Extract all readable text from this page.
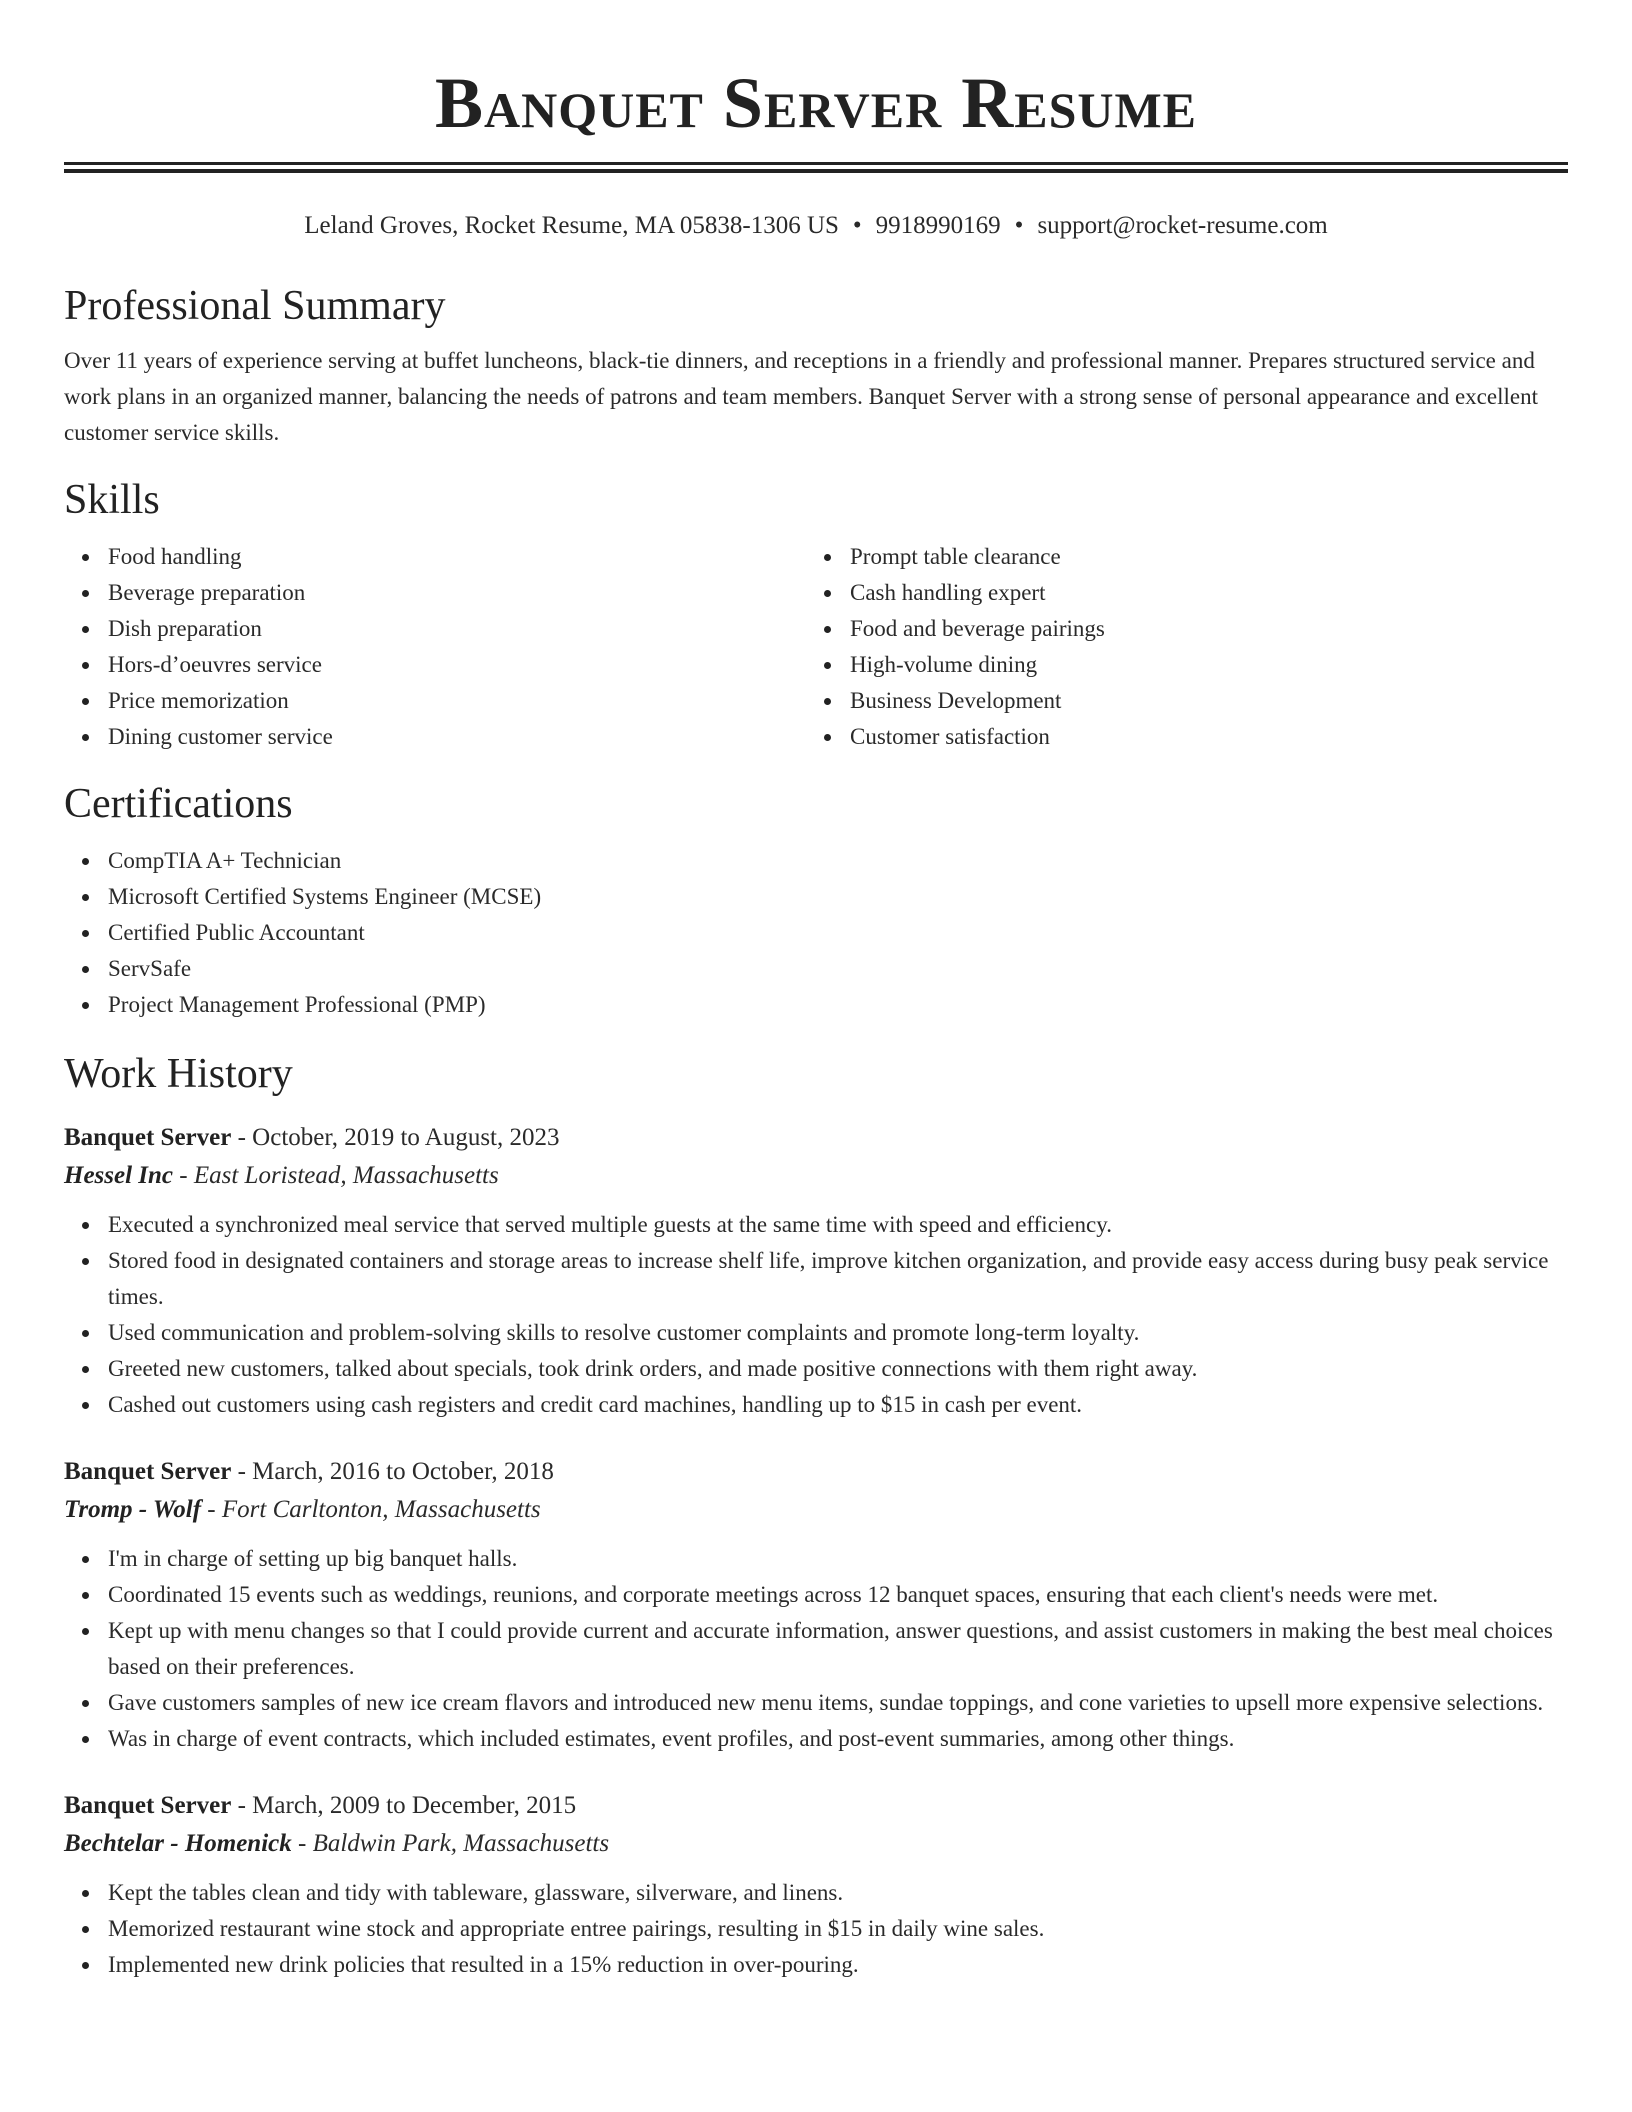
Banquet Server Resume
Leland Groves, Rocket Resume, MA 05838-1306 US • 9918990169 • support@rocket-resume.com
Professional Summary

Over 11 years of experience serving at buffet luncheons, black-tie dinners, and receptions in a friendly and professional manner. Prepares structured service and work plans in an organized manner, balancing the needs of patrons and team members. Banquet Server with a strong sense of personal appearance and excellent customer service skills.

Skills
Food handling
Beverage preparation
Dish preparation
Hors-d’oeuvres service
Price memorization
Dining customer service
Prompt table clearance
Cash handling expert
Food and beverage pairings
High-volume dining
Business Development
Customer satisfaction
Certifications
CompTIA A+ Technician
Microsoft Certified Systems Engineer (MCSE)
Certified Public Accountant
ServSafe
Project Management Professional (PMP)
Work History
Banquet Server - October, 2019 to August, 2023
Hessel Inc - East Loristead, Massachusetts
Executed a synchronized meal service that served multiple guests at the same time with speed and efficiency.
Stored food in designated containers and storage areas to increase shelf life, improve kitchen organization, and provide easy access during busy peak service times.
Used communication and problem-solving skills to resolve customer complaints and promote long-term loyalty.
Greeted new customers, talked about specials, took drink orders, and made positive connections with them right away.
Cashed out customers using cash registers and credit card machines, handling up to $15 in cash per event.
Banquet Server - March, 2016 to October, 2018
Tromp - Wolf - Fort Carltonton, Massachusetts
I'm in charge of setting up big banquet halls.
Coordinated 15 events such as weddings, reunions, and corporate meetings across 12 banquet spaces, ensuring that each client's needs were met.
Kept up with menu changes so that I could provide current and accurate information, answer questions, and assist customers in making the best meal choices based on their preferences.
Gave customers samples of new ice cream flavors and introduced new menu items, sundae toppings, and cone varieties to upsell more expensive selections.
Was in charge of event contracts, which included estimates, event profiles, and post-event summaries, among other things.
Banquet Server - March, 2009 to December, 2015
Bechtelar - Homenick - Baldwin Park, Massachusetts
Kept the tables clean and tidy with tableware, glassware, silverware, and linens.
Memorized restaurant wine stock and appropriate entree pairings, resulting in $15 in daily wine sales.
Implemented new drink policies that resulted in a 15% reduction in over-pouring.
